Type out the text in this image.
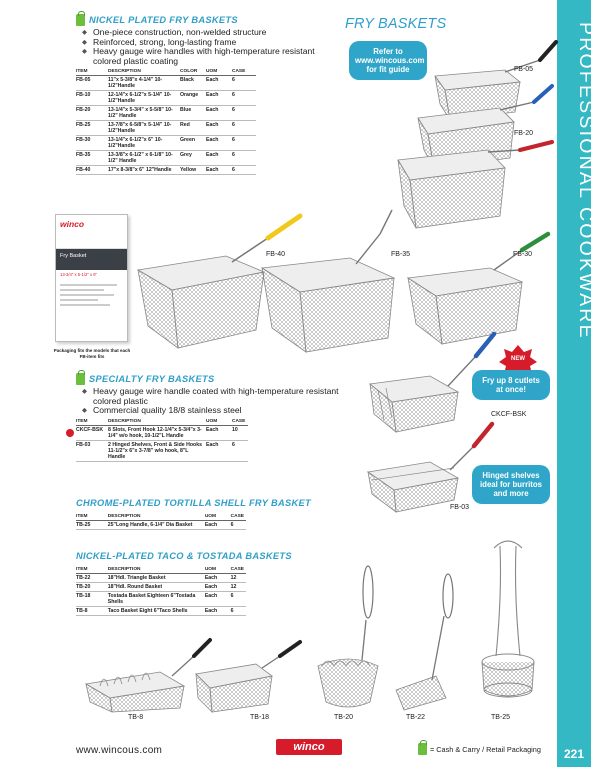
PROFESSIONAL COOKWARE
221
NICKEL PLATED FRY BASKETS
◆ One-piece construction, non-welded structure
◆ Reinforced, strong, long-lasting frame
◆ Heavy gauge wire handles with high-temperature resistant colored plastic coating
ITEM	DESCRIPTION	COLOR	UOM	CASE
FB-05	11"x 5-3/8"x 4-1/4" 10-1/2"Handle	Black	Each	6
FB-10	12-1/4"x 6-1/2"x 5-1/4" 10-1/2"Handle	Orange	Each	6
FB-20	13-1/4"x 5-3/4" x 5-5/8" 10-1/2" Handle	Blue	Each	6
FB-25	13-7/8"x 6-5/8"x 5-1/4" 10-1/2"Handle	Red	Each	6
FB-30	13-1/4"x 6-1/2"x 6" 10-1/2"Handle	Green	Each	6
FB-35	13-3/8"x 6-1/2" x 6-1/8" 10-1/2" Handle	Grey	Each	6
FB-40	17"x 8-3/8"x 6" 12"Handle	Yellow	Each	6
FRY BASKETS
Refer to www.wincous.com for fit guide	FB-05
FB-20
FB-40	FB-35	FB-30
winco
Fry Basket
13-3/4" x 5-1/2" x 6"
Packaging fits the models that each FB-item fits
SPECIALTY FRY BASKETS
◆ Heavy gauge wire handle coated with high-temperature resistant colored plastic
◆ Commercial quality 18/8 stainless steel
ITEM	DESCRIPTION	UOM	CASE
CKCF-BSK	8 Slots, Front Hook 12-1/4"x 5-3/4"x 3-1/4" w/o hook, 10-1/2"L Handle	Each	10
FB-03	2 Hinged Shelves, Front & Side Hooks 11-1/2"x 6"x 3-7/8" w/o hook, 8"L Handle	Each	6
NEW
Fry up 8 cutlets at once!
CKCF-BSK
Hinged shelves ideal for burritos and more
FB-03
CHROME-PLATED TORTILLA SHELL FRY BASKET
ITEM	DESCRIPTION	UOM	CASE
TB-25	25"Long Handle, 6-1/4" Dia Basket	Each	6
NICKEL-PLATED TACO & TOSTADA BASKETS
ITEM	DESCRIPTION	UOM	CASE
TB-22	18"Hdl. Triangle Basket	Each	12
TB-20	18"Hdl. Round Basket	Each	12
TB-18	Tostada Basket Eighteen 6"Tostada Shells	Each	6
TB-8	Taco Basket Eight 6"Taco Shells	Each	6
TB-8	TB-18	TB-20	TB-22	TB-25
www.wincous.com	winco	= Cash & Carry / Retail Packaging
